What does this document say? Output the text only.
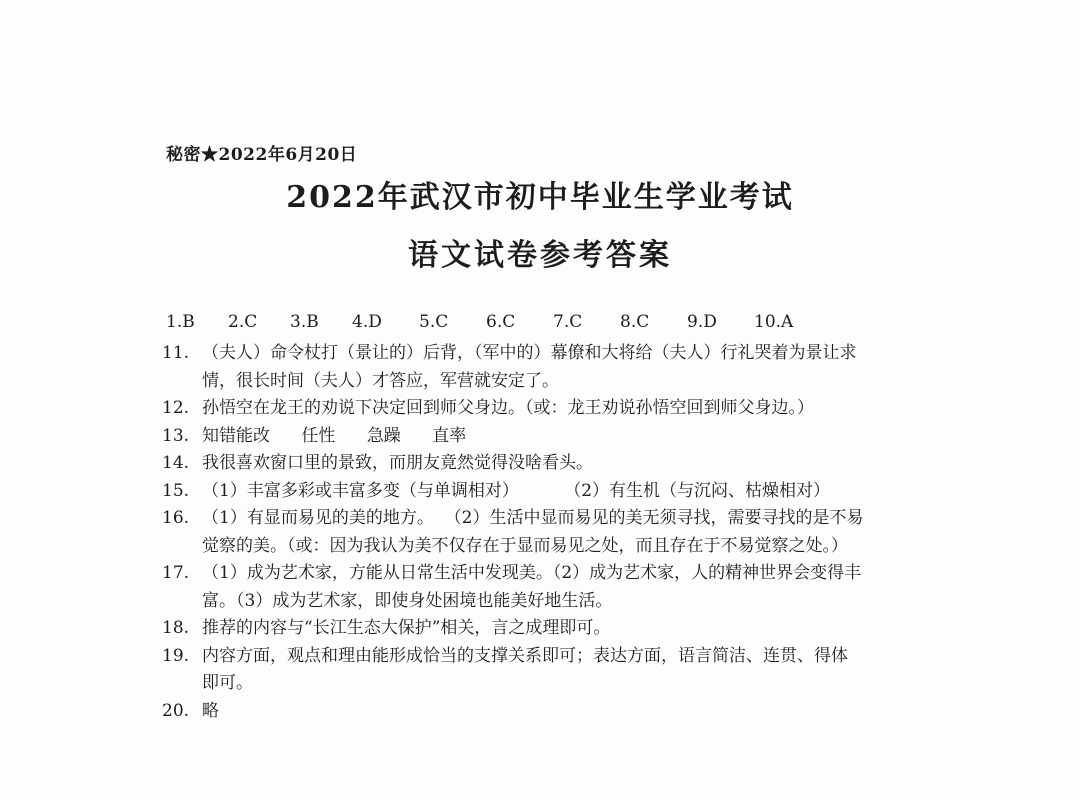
秘密★2022年6月20日
2022年武汉市初中毕业生学业考试
语文试卷参考答案
1.B	2.C	3.B	4.D	5.C	6.C	7.C	8.C	9.D	10.A
11. （夫人）命令杖打（景让的）后背，（军中的）幕僚和大将给（夫人）行礼哭着为景让求
情，很长时间（夫人）才答应，军营就安定了。
12. 孙悟空在龙王的劝说下决定回到师父身边。（或：龙王劝说孙悟空回到师父身边。）
13. 知错能改 任性 急躁 直率
14. 我很喜欢窗口里的景致，而朋友竟然觉得没啥看头。
15. （1）丰富多彩或丰富多变（与单调相对）	（2）有生机（与沉闷、枯燥相对）
16. （1）有显而易见的美的地方。  （2）生活中显而易见的美无须寻找，需要寻找的是不易
觉察的美。（或：因为我认为美不仅存在于显而易见之处，而且存在于不易觉察之处。）
17. （1）成为艺术家，方能从日常生活中发现美。（2）成为艺术家，人的精神世界会变得丰
富。（3）成为艺术家，即使身处困境也能美好地生活。
18. 推荐的内容与“长江生态大保护”相关，言之成理即可。
19. 内容方面，观点和理由能形成恰当的支撑关系即可；表达方面，语言简洁、连贯、得体
即可。
20. 略
